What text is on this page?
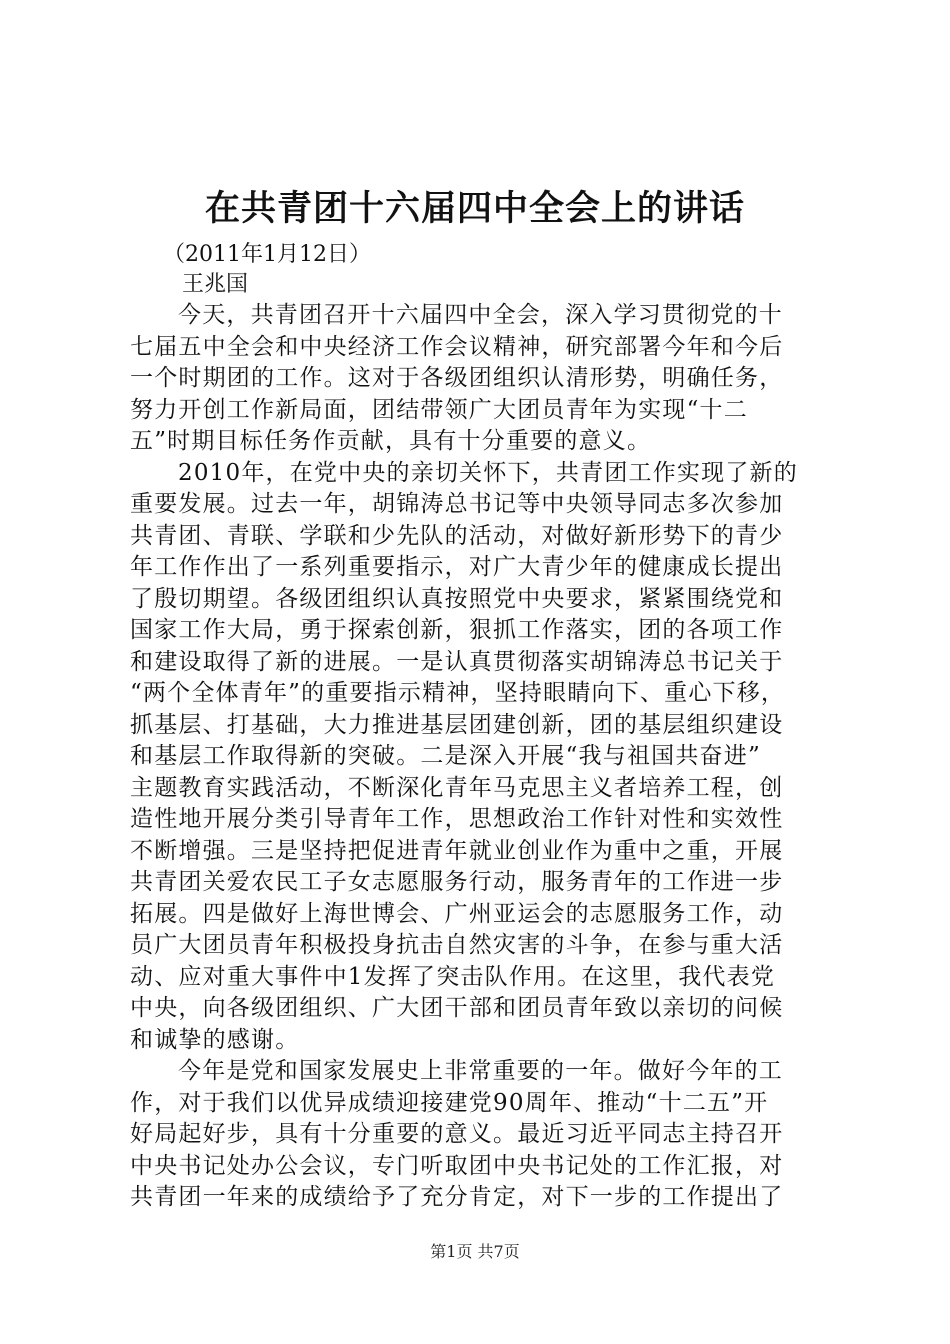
在共青团十六届四中全会上的讲话
（2011年1月12日）
王兆国
今天，共青团召开十六届四中全会，深入学习贯彻党的十
七届五中全会和中央经济工作会议精神，研究部署今年和今后
一个时期团的工作。这对于各级团组织认清形势，明确任务，
努力开创工作新局面，团结带领广大团员青年为实现“十二
五”时期目标任务作贡献，具有十分重要的意义。
2010年，在党中央的亲切关怀下，共青团工作实现了新的
重要发展。过去一年，胡锦涛总书记等中央领导同志多次参加
共青团、青联、学联和少先队的活动，对做好新形势下的青少
年工作作出了一系列重要指示，对广大青少年的健康成长提出
了殷切期望。各级团组织认真按照党中央要求，紧紧围绕党和
国家工作大局，勇于探索创新，狠抓工作落实，团的各项工作
和建设取得了新的进展。一是认真贯彻落实胡锦涛总书记关于
“两个全体青年”的重要指示精神，坚持眼睛向下、重心下移，
抓基层、打基础，大力推进基层团建创新，团的基层组织建设
和基层工作取得新的突破。二是深入开展“我与祖国共奋进”
主题教育实践活动，不断深化青年马克思主义者培养工程，创
造性地开展分类引导青年工作，思想政治工作针对性和实效性
不断增强。三是坚持把促进青年就业创业作为重中之重，开展
共青团关爱农民工子女志愿服务行动，服务青年的工作进一步
拓展。四是做好上海世博会、广州亚运会的志愿服务工作，动
员广大团员青年积极投身抗击自然灾害的斗争，在参与重大活
动、应对重大事件中1发挥了突击队作用。在这里，我代表党
中央，向各级团组织、广大团干部和团员青年致以亲切的问候
和诚挚的感谢。
今年是党和国家发展史上非常重要的一年。做好今年的工
作，对于我们以优异成绩迎接建党90周年、推动“十二五”开
好局起好步，具有十分重要的意义。最近习近平同志主持召开
中央书记处办公会议，专门听取团中央书记处的工作汇报，对
共青团一年来的成绩给予了充分肯定，对下一步的工作提出了
第1页 共7页
